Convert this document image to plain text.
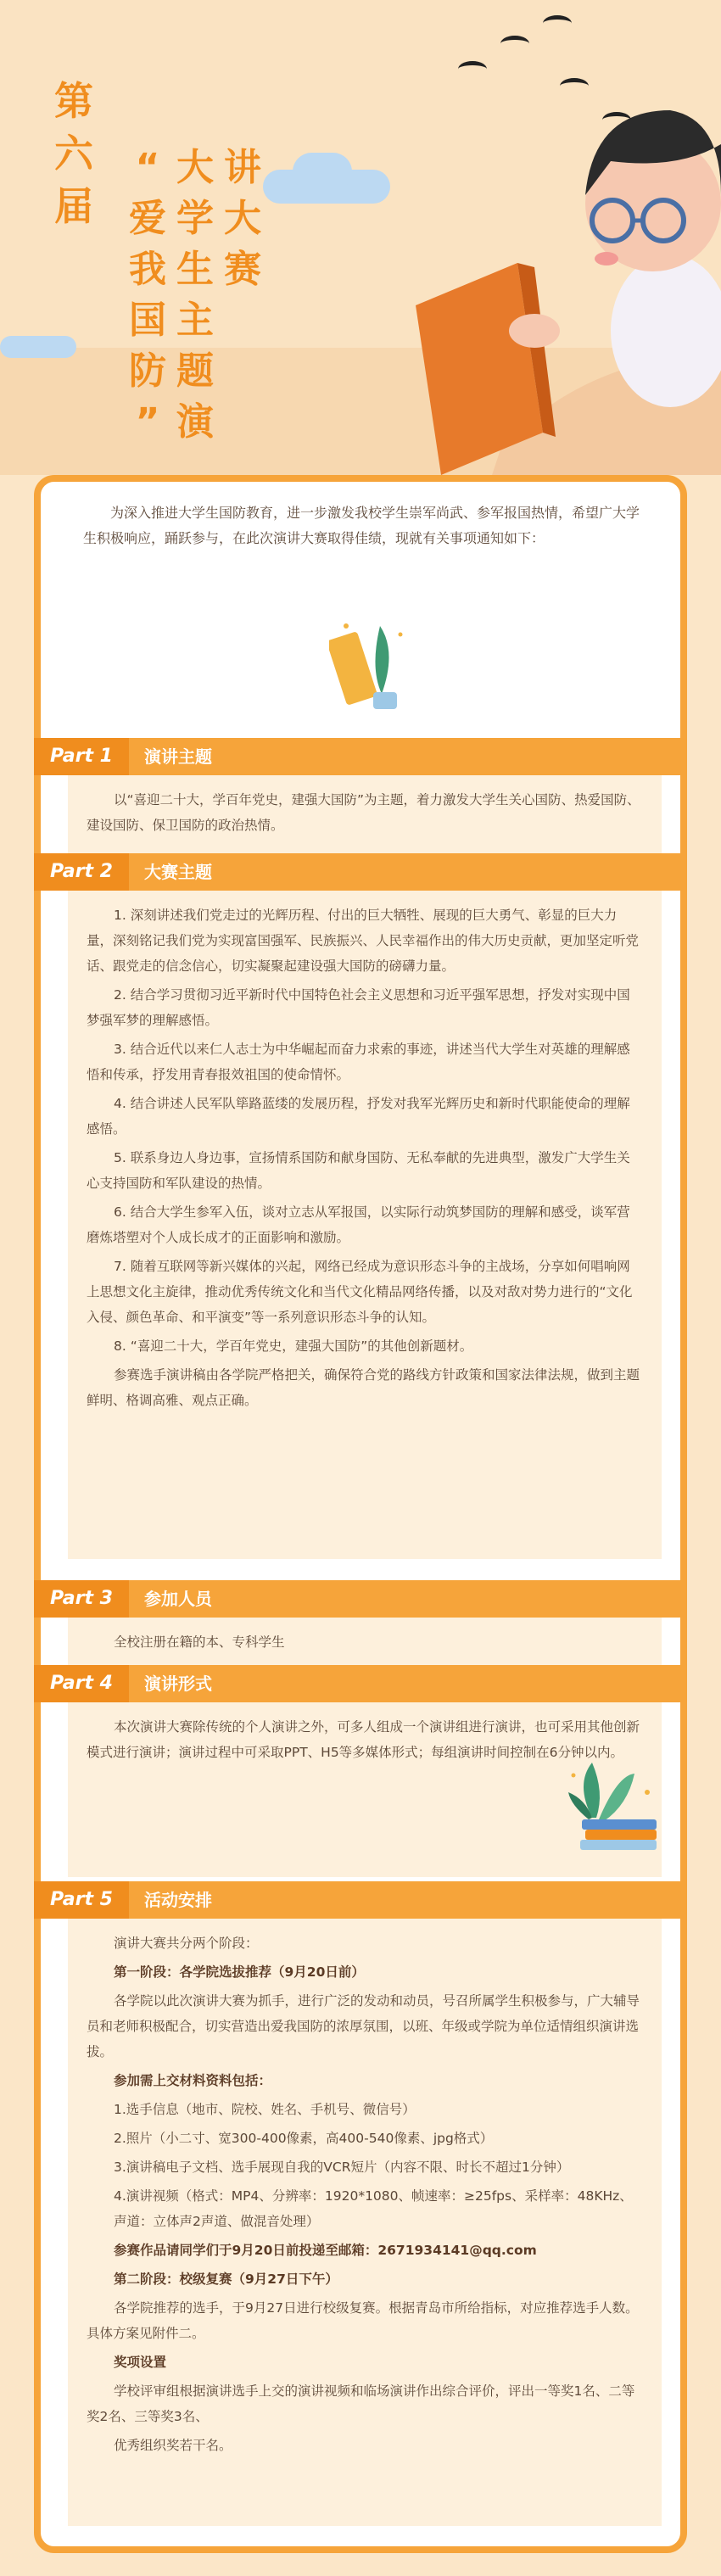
第
六
届
“
爱
我
国
防
”
大
学
生
主
题
演
讲
大
赛
为深入推进大学生国防教育，进一步激发我校学生崇军尚武、参军报国热情，希望广大学生积极响应，踊跃参与，在此次演讲大赛取得佳绩，现就有关事项通知如下：
Part 1	演讲主题

以“喜迎二十大，学百年党史，建强大国防”为主题，着力激发大学生关心国防、热爱国防、建设国防、保卫国防的政治热情。

Part 2	大赛主题

1. 深刻讲述我们党走过的光辉历程、付出的巨大牺牲、展现的巨大勇气、彰显的巨大力量，深刻铭记我们党为实现富国强军、民族振兴、人民幸福作出的伟大历史贡献，更加坚定听党话、跟党走的信念信心，切实凝聚起建设强大国防的磅礴力量。

2. 结合学习贯彻习近平新时代中国特色社会主义思想和习近平强军思想，抒发对实现中国梦强军梦的理解感悟。

3. 结合近代以来仁人志士为中华崛起而奋力求索的事迹，讲述当代大学生对英雄的理解感悟和传承，抒发用青春报效祖国的使命情怀。

4. 结合讲述人民军队筚路蓝缕的发展历程，抒发对我军光辉历史和新时代职能使命的理解感悟。

5. 联系身边人身边事，宣扬情系国防和献身国防、无私奉献的先进典型，激发广大学生关心支持国防和军队建设的热情。

6. 结合大学生参军入伍，谈对立志从军报国，以实际行动筑梦国防的理解和感受，谈军营磨炼塔塑对个人成长成才的正面影响和激励。

7. 随着互联网等新兴媒体的兴起，网络已经成为意识形态斗争的主战场，分享如何唱响网上思想文化主旋律，推动优秀传统文化和当代文化精品网络传播，以及对敌对势力进行的“文化入侵、颜色革命、和平演变”等一系列意识形态斗争的认知。

8. “喜迎二十大，学百年党史，建强大国防”的其他创新题材。

参赛选手演讲稿由各学院严格把关，确保符合党的路线方针政策和国家法律法规，做到主题鲜明、格调高雅、观点正确。

Part 3	参加人员

全校注册在籍的本、专科学生

Part 4	演讲形式

本次演讲大赛除传统的个人演讲之外，可多人组成一个演讲组进行演讲，也可采用其他创新模式进行演讲；演讲过程中可采取PPT、H5等多媒体形式；每组演讲时间控制在6分钟以内。

Part 5	活动安排

演讲大赛共分两个阶段：

第一阶段：各学院选拔推荐（9月20日前）

各学院以此次演讲大赛为抓手，进行广泛的发动和动员，号召所属学生积极参与，广大辅导员和老师积极配合，切实营造出爱我国防的浓厚氛围，以班、年级或学院为单位适情组织演讲选拔。

参加需上交材料资料包括：

1.选手信息（地市、院校、姓名、手机号、微信号）

2.照片（小二寸、宽300-400像素，高400-540像素、jpg格式）

3.演讲稿电子文档、选手展现自我的VCR短片（内容不限、时长不超过1分钟）

4.演讲视频（格式：MP4、分辨率：1920*1080、帧速率：≥25fps、采样率：48KHz、声道：立体声2声道、做混音处理）

参赛作品请同学们于9月20日前投递至邮箱：2671934141@qq.com

第二阶段：校级复赛（9月27日下午）

各学院推荐的选手，于9月27日进行校级复赛。根据青岛市所给指标，对应推荐选手人数。具体方案见附件二。

奖项设置

学校评审组根据演讲选手上交的演讲视频和临场演讲作出综合评价，评出一等奖1名、二等奖2名、三等奖3名、

优秀组织奖若干名。
